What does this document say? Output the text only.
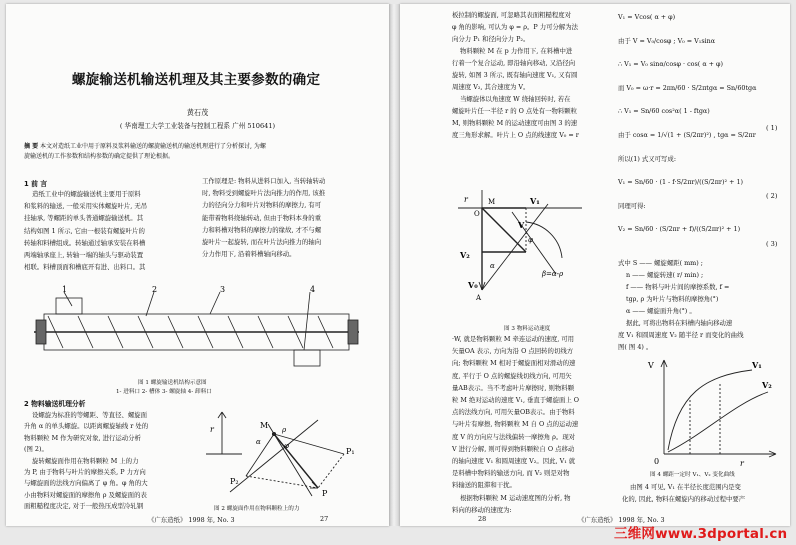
螺旋输送机输送机理及其主要参数的确定
黄石茂
( 华南理工大学工业装备与控制工程系 广州 510641)
摘 要 本文对造纸工业中用于原料及浆料输送的螺旋输送机的输送机理进行了分析探讨, 为螺
旋输送机的工作参数和结构参数的确定提供了理论根据。
1 前 言
造纸工业中的螺旋输送机主要用于原料
和浆料的输送, 一般采用实体螺旋叶片, 无吊
挂轴承, 等螺距的单头普通螺旋输送机。其
结构如图 1 所示, 它由一根装有螺旋叶片的
转轴和料槽组成。转轴通过轴承安装在料槽
两端轴承座上, 转轴一端的轴头与驱动装置
相联。料槽顶面和槽底开有进、出料口。其
工作原理是: 物料从进料口加入, 当转轴转动
时, 物料受到螺旋叶片法向推力的作用, 该推
力的径向分力和叶片对物料的摩擦力, 有可
能带着物料绕轴转动, 但由于物料本身的重
力和料槽对物料的摩擦力的缘故, 才不与螺
旋叶片一起旋转, 而在叶片法向推力的轴向
分力作用下, 沿着料槽轴向移动。
1	2	3	4
图 1 螺旋输送机结构示意图
1- 进料口 2- 槽体 3- 螺旋轴 4- 卸料口
2 物料输送机理分析
设螺旋为标准的等螺距、等直径、螺旋面
升角 α 的单头螺旋。以距离螺旋轴线 r 处的
物料颗粒 M 作为研究对象, 进行运动分析
(图 2)。
旋转螺旋面作用在物料颗粒 M 上的力
为 P, 由于物料与叶片的摩擦关系, P 力方向
与螺旋面的法线方向偏离了 φ 角。φ 角的大
小由物料对螺旋面的摩擦角 ρ 及螺旋面的表
面粗糙程度决定, 对于一般热压成型冷轧钢
r	M
α
P
P₁
P₂
φ
ρ
图 2 螺旋面作用在物料颗粒上的力
《广东造纸》 1998 年, No. 3	27
板拉制的螺旋面, 可忽略其表面粗糙程度对
φ 角的影响, 可认为 φ = ρ。P 力可分解为法
向分力 P₁ 和径向分力 P₂。
物料颗粒 M 在 p 力作用下, 在料槽中进
行着一个复合运动, 即沿轴向移动, 又沿径向
旋转, 如图 3 所示, 既有轴向速度 V₁, 又有圆
周速度 V₂, 其合速度为 V。
当螺旋体以角速度 W 绕轴回转时, 若在
螺旋叶片任一半径 r 的 O 点处有一物料颗粒
M, 则物料颗粒 M 的运动速度可由图 3 的速
度三角形求解。叶片上 O 点的线速度 V₀ = r
r
O
M	V₁
V
V₂
V₀
A
α
φ
β=α-ρ
图 3 物料运动速度
·W, 就是物料颗粒 M 牵连运动的速度, 可用
矢量OA 表示, 方向为沿 O 点回转的切线方
向; 物料颗粒 M 相对于螺旋面相对滑动的速
度, 平行于 O 点的螺旋线切线方向, 可用矢
量AB表示。当不考虑叶片摩擦时, 则物料颗
粒 M 绝对运动的速度 V₁, 垂直于螺旋面上 O
点的法线方向, 可用矢量OB表示。由于物料
与叶片有摩擦, 物料颗粒 M 自 O 点的运动速
度 V 的方向应与法线偏转一摩擦角 ρ。现对
V 进行分解, 则可得到物料颗粒自 O 点移动
的轴向速度 V₁ 和圆周速度 V₂。因此, V₁ 就
是料槽中物料的输送方向, 而 V₂ 则是对物
料输送的阻滞和干扰。
根据物料颗粒 M 运动速度图的分析, 物
料向的移动的速度为:
V₁ = Vcos( α + φ)
由于 V = V₀/cosφ ; V₀ = V₁sinα
∴ V₁ = V₀ sinα/cosφ · cos( α + φ)
而 V₀ = ω·r = 2πn/60 · S/2πtgα = Sn/60tgα
∴ V₁ = Sn/60 cos²α( 1 - ftgα)
由于 cosα = 1/√(1 + (S/2πr)²) , tgα = S/2πr
所以(1) 式又可写成:
V₁ = Sn/60 · (1 - f·S/2πr)/((S/2πr)² + 1)
同理可得:
V₂ = Sn/60 · (S/2πr + f)/((S/2πr)² + 1)
( 1)
( 2)
( 3)
式中 S —— 螺旋螺距( mm) ;
n —— 螺旋转速( r/ min) ;
f —— 物料与叶片间的摩擦系数, f =
tgρ, ρ 为叶片与物料的摩擦角(°)
α —— 螺旋面升角(°) 。
据此, 可将出物料在料槽内轴向移动速
度 V₁ 和圆周速度 V₂ 随半径 r 而变化的曲线
图( 图 4) 。
V	V₁
V₂
0	r
图 4 螺距一定时 V₁、V₂ 变化曲线
由图 4 可见, V₁ 在半径长度范围内是变
化的, 因此, 物料在螺旋内的移动过程中要产
28	《广东造纸》 1998 年, No. 3
三维网www.3dportal.cn
